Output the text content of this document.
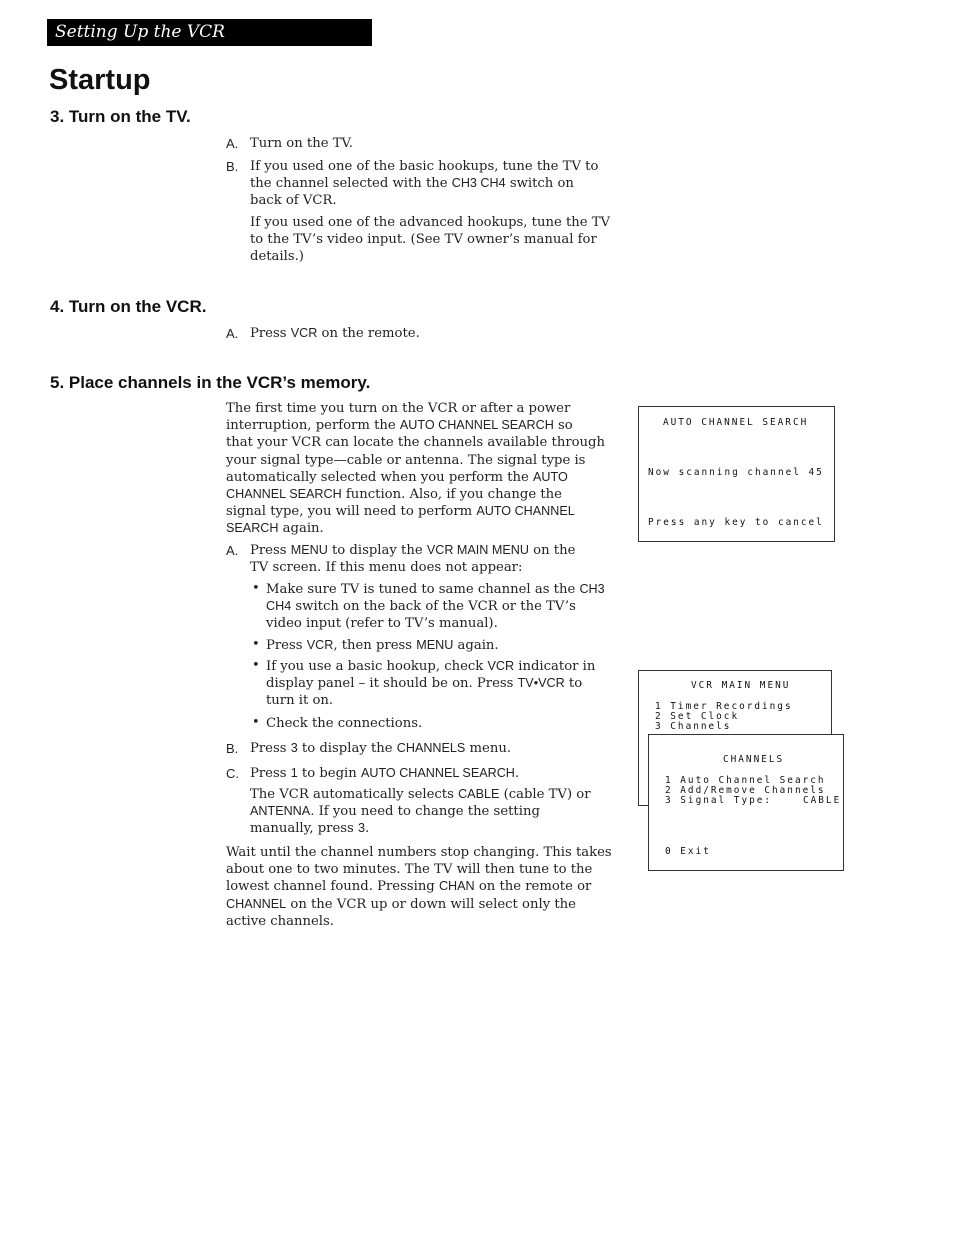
Setting Up the VCR
Startup
3. Turn on the TV.
A. Turn on the TV.

B. If you used one of the basic hookups, tune the TV to
the channel selected with the CH3 CH4 switch on
back of VCR.
If you used one of the advanced hookups, tune the TV
to the TV’s video input. (See TV owner’s manual for
details.)
4. Turn on the VCR.
A. Press VCR on the remote.
5. Place channels in the VCR’s memory.
The first time you turn on the VCR or after a power
interruption, perform the AUTO CHANNEL SEARCH so
that your VCR can locate the channels available through
your signal type—cable or antenna. The signal type is
automatically selected when you perform the AUTO
CHANNEL SEARCH function. Also, if you change the
signal type, you will need to perform AUTO CHANNEL
SEARCH again.
A. Press MENU to display the VCR MAIN MENU on the
TV screen. If this menu does not appear:
• Make sure TV is tuned to same channel as the CH3
CH4 switch on the back of the VCR or the TV’s
video input (refer to TV’s manual).
• Press VCR, then press MENU again.
• If you use a basic hookup, check VCR indicator in
display panel – it should be on. Press TV•VCR to
turn it on.
• Check the connections.
B. Press 3 to display the CHANNELS menu.
C. Press 1 to begin AUTO CHANNEL SEARCH.
The VCR automatically selects CABLE (cable TV) or
ANTENNA. If you need to change the setting
manually, press 3.
Wait until the channel numbers stop changing. This takes
about one to two minutes. The TV will then tune to the
lowest channel found. Pressing CHAN on the remote or
CHANNEL on the VCR up or down will select only the
active channels.
AUTO CHANNEL SEARCH
Now scanning channel 45
Press any key to cancel
VCR MAIN MENU
1 Timer Recordings
2 Set Clock
3 Channels
CHANNELS
1 Auto Channel Search
2 Add/Remove Channels
3 Signal Type:	CABLE
0 Exit
